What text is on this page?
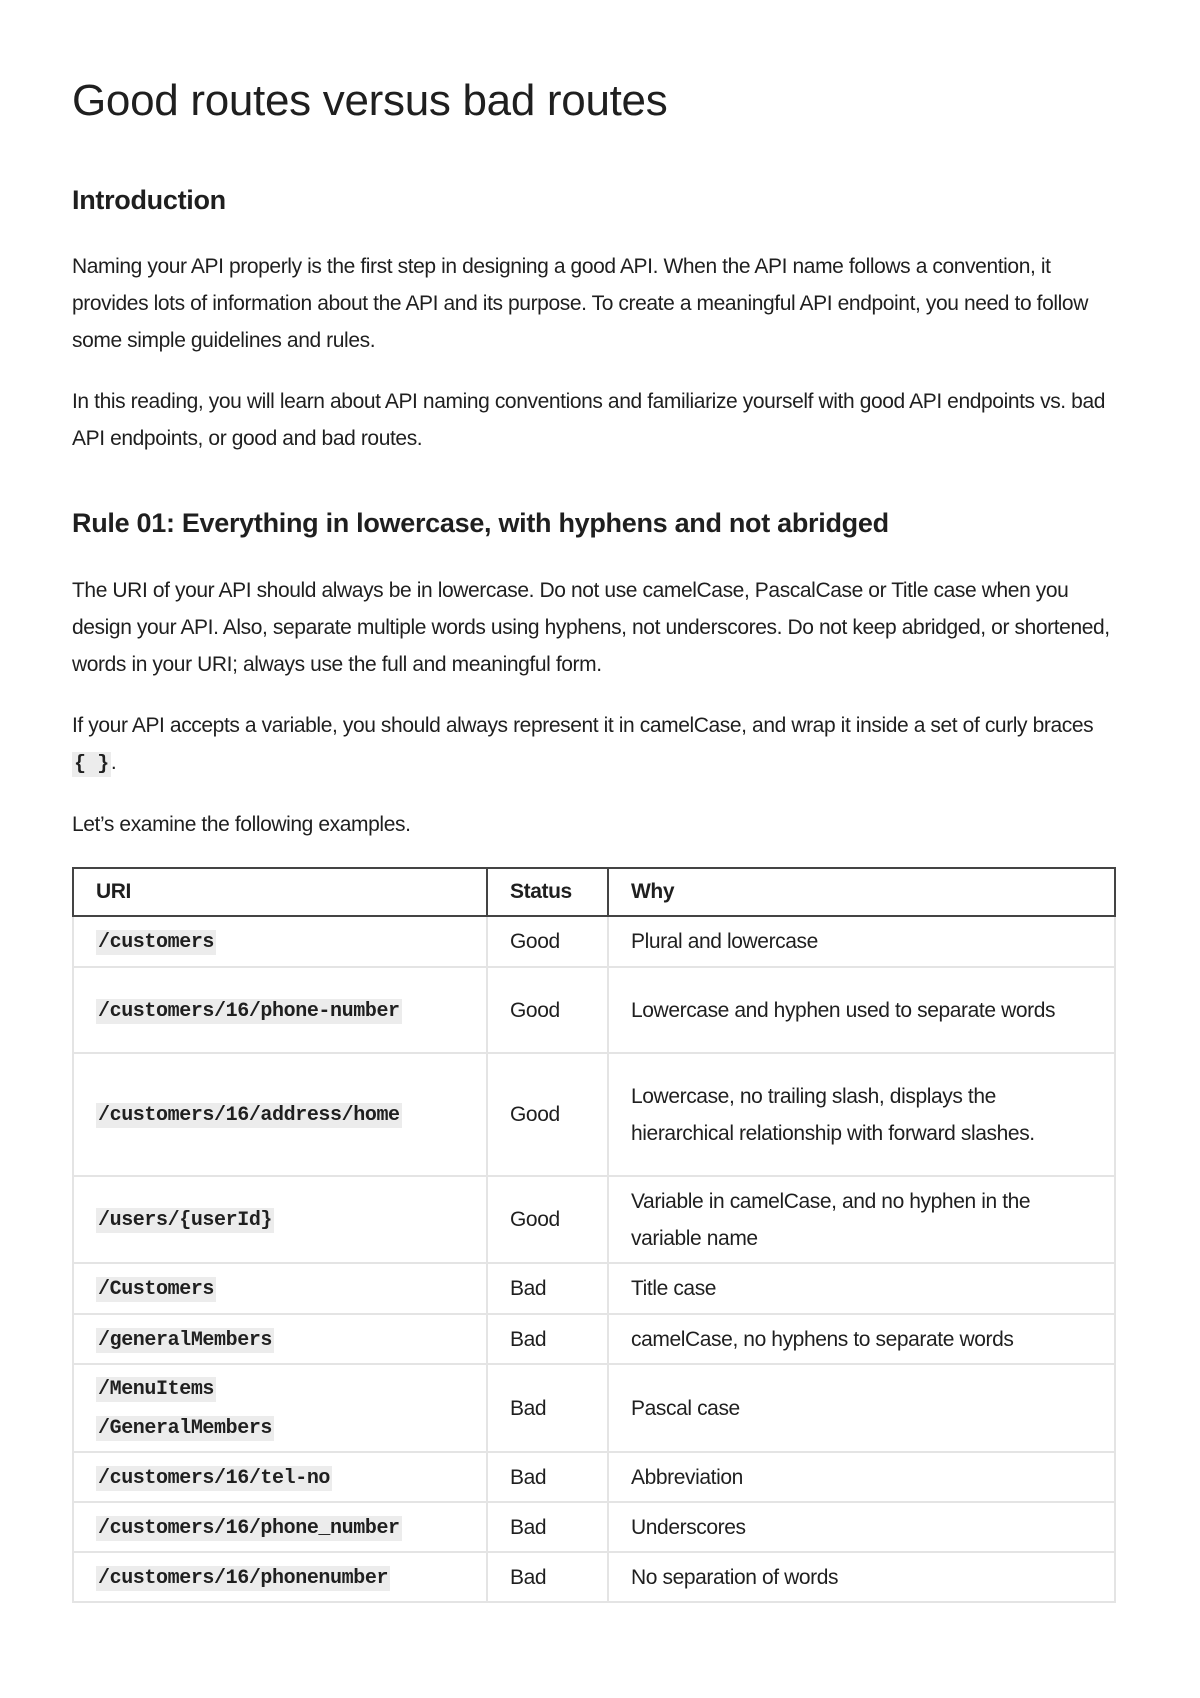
Good routes versus bad routes
Introduction

Naming your API properly is the first step in designing a good API. When the API name follows a convention, it provides lots of information about the API and its purpose. To create a meaningful API endpoint, you need to follow some simple guidelines and rules.

In this reading, you will learn about API naming conventions and familiarize yourself with good API endpoints vs. bad API endpoints, or good and bad routes.

Rule 01: Everything in lowercase, with hyphens and not abridged

The URI of your API should always be in lowercase. Do not use camelCase, PascalCase or Title case when you design your API. Also, separate multiple words using hyphens, not underscores. Do not keep abridged, or shortened, words in your URI; always use the full and meaningful form.

If your API accepts a variable, you should always represent it in camelCase, and wrap it inside a set of curly braces { }.

Let’s examine the following examples.

URI	Status	Why
/customers	Good	Plural and lowercase
/customers/16/phone-number	Good	Lowercase and hyphen used to separate words
/customers/16/address/home	Good	Lowercase, no trailing slash, displays the hierarchical relationship with forward slashes.
/users/{userId}	Good	Variable in camelCase, and no hyphen in the variable name
/Customers	Bad	Title case
/generalMembers	Bad	camelCase, no hyphens to separate words
/MenuItems
/GeneralMembers	Bad	Pascal case
/customers/16/tel-no	Bad	Abbreviation
/customers/16/phone_number	Bad	Underscores
/customers/16/phonenumber	Bad	No separation of words
